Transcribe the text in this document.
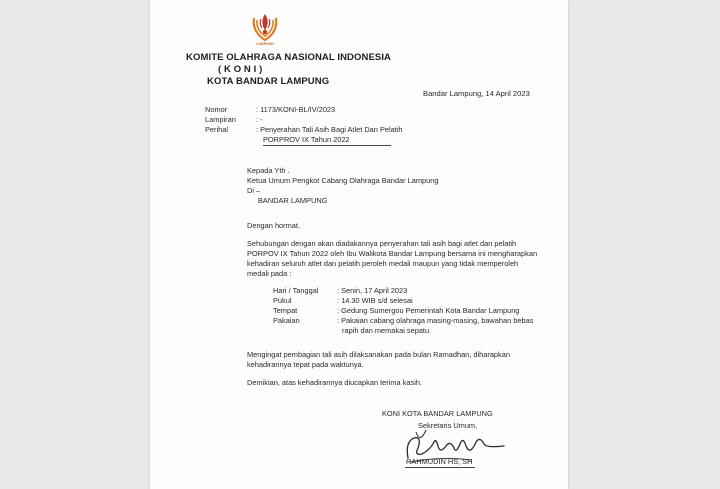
LAMPUNG
KOMITE OLAHRAGA NASIONAL INDONESIA
( K O N I )
KOTA BANDAR LAMPUNG
Bandar Lampung, 14 April 2023
Nomor	: 1173/KONI-BL/IV/2023
Lampiran	: -
Perihal	: Penyerahan Tali Asih Bagi Atlet Dan Pelatih
PORPROV IX Tahun 2022
Kepada Yth .
Ketua Umum Pengkot Cabang Olahraga Bandar Lampung
Di –
BANDAR LAMPUNG
Dengan hormat,
Sehubungan dengan akan diadakannya penyerahan tali asih bagi atlet dan pelatih
PORPOV IX Tahun 2022 oleh Ibu Walikota Bandar Lampung bersama ini mengharapkan
kehadiran seluruh atlet dan pelatih peroleh medali maupun yang tidak memperoleh
medali pada :
Hari / Tanggal	: Senin, 17 April 2023
Pukul	: 14.30 WIB s/d selesai
Tempat	: Gedung Sumergou Pemerintah Kota Bandar Lampung
Pakaian	: Pakaian cabang olahraga masing-masing, bawahan bebas
rapih dan memakai sepatu
Mengingat pembagian tali asih dilaksanakan pada bulan Ramadhan, diharapkan
kehadirannya tepat pada waktunya.
Demikian, atas kehadirannya diucapkan terima kasih.
KONI KOTA BANDAR LAMPUNG
Sekretaris Umum,
RAHMUDIN HS, SH
